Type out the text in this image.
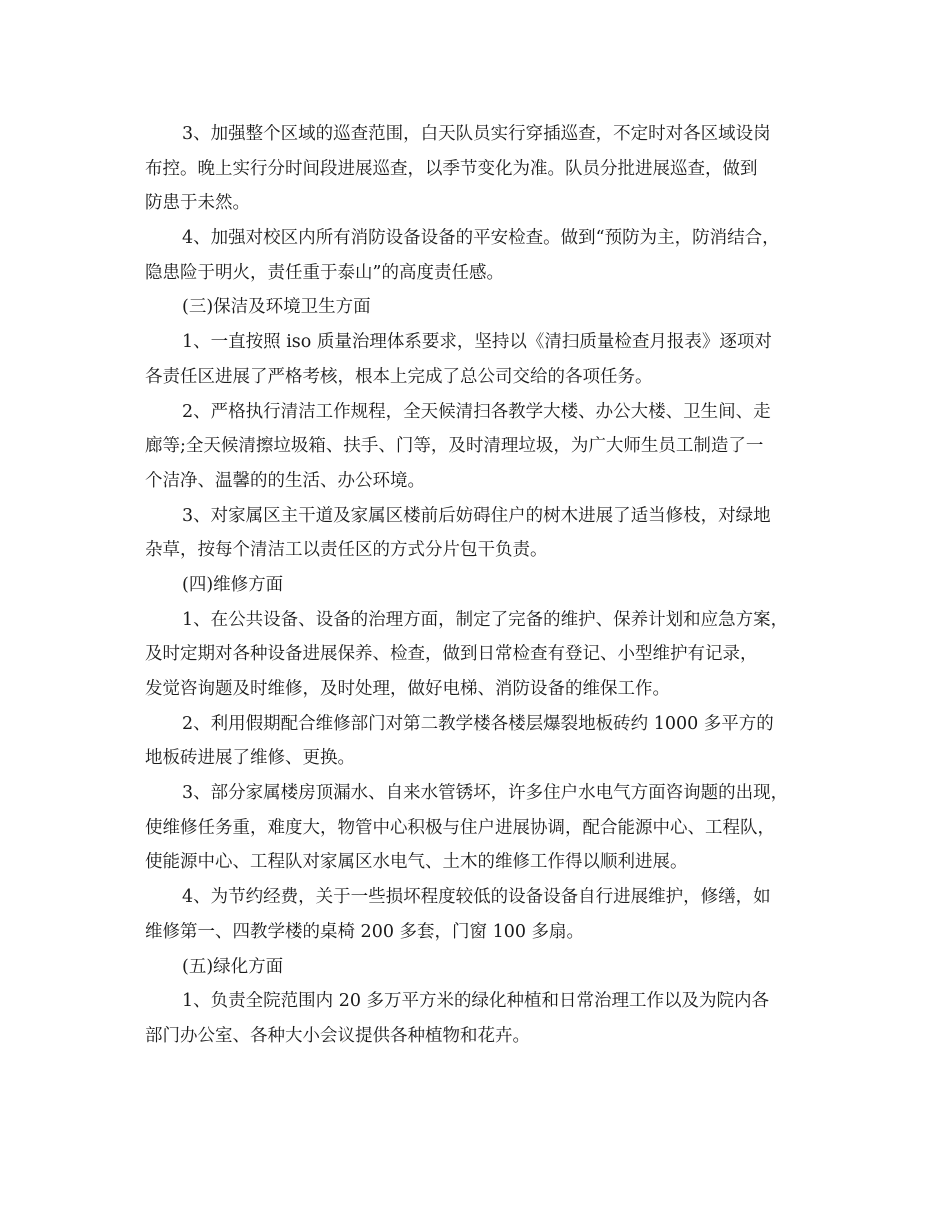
3、加强整个区域的巡查范围，白天队员实行穿插巡查，不定时对各区域设岗
布控。晚上实行分时间段进展巡查，以季节变化为准。队员分批进展巡查，做到
防患于未然。
4、加强对校区内所有消防设备设备的平安检查。做到“预防为主，防消结合，
隐患险于明火，责任重于泰山”的高度责任感。
(三)保洁及环境卫生方面
1、一直按照 iso 质量治理体系要求，坚持以《清扫质量检查月报表》逐项对
各责任区进展了严格考核，根本上完成了总公司交给的各项任务。
2、严格执行清洁工作规程，全天候清扫各教学大楼、办公大楼、卫生间、走
廊等;全天候清擦垃圾箱、扶手、门等，及时清理垃圾，为广大师生员工制造了一
个洁净、温馨的的生活、办公环境。
3、对家属区主干道及家属区楼前后妨碍住户的树木进展了适当修枝，对绿地
杂草，按每个清洁工以责任区的方式分片包干负责。
(四)维修方面
1、在公共设备、设备的治理方面，制定了完备的维护、保养计划和应急方案，
及时定期对各种设备进展保养、检查，做到日常检查有登记、小型维护有记录，
发觉咨询题及时维修，及时处理，做好电梯、消防设备的维保工作。
2、利用假期配合维修部门对第二教学楼各楼层爆裂地板砖约 1000 多平方的
地板砖进展了维修、更换。
3、部分家属楼房顶漏水、自来水管锈坏，许多住户水电气方面咨询题的出现，
使维修任务重，难度大，物管中心积极与住户进展协调，配合能源中心、工程队，
使能源中心、工程队对家属区水电气、土木的维修工作得以顺利进展。
4、为节约经费，关于一些损坏程度较低的设备设备自行进展维护，修缮，如
维修第一、四教学楼的桌椅 200 多套，门窗 100 多扇。
(五)绿化方面
1、负责全院范围内 20 多万平方米的绿化种植和日常治理工作以及为院内各
部门办公室、各种大小会议提供各种植物和花卉。
